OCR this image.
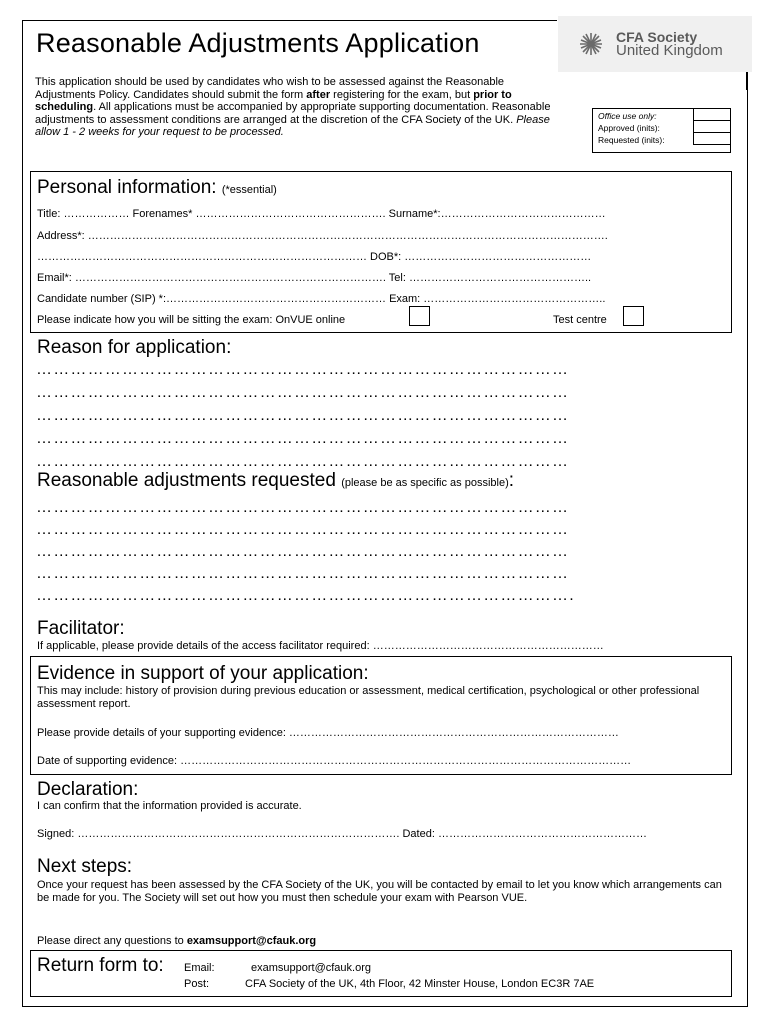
Reasonable Adjustments Application	CFA Society
United Kingdom
This application should be used by candidates who wish to be assessed against the Reasonable Adjustments Policy. Candidates should submit the form after registering for the exam, but prior to scheduling. All applications must be accompanied by appropriate supporting documentation. Reasonable adjustments to assessment conditions are arranged at the discretion of the CFA Society of the UK. Please allow 1 - 2 weeks for your request to be processed.
Office use only:
Approved (inits):
Requested (inits):
Personal information: (*essential)
Title: ……………… Forenames* ……………………………………………. Surname*:………………………………………
Address*: …………………………………………………………………………………………………………………………….
……………………………………………………………………………… DOB*: ……………………………………………
Email*: …………………………………………………………………………. Tel: …………………………………………..
Candidate number (SIP) *:…………………………………………………… Exam: …………………………………………..
Please indicate how you will be sitting the exam: OnVUE online	Test centre
Reason for application:
…………………………………………………………………………………
…………………………………………………………………………………
…………………………………………………………………………………
…………………………………………………………………………………
…………………………………………………………………………………
Reasonable adjustments requested (please be as specific as possible):
…………………………………………………………………………………
…………………………………………………………………………………
…………………………………………………………………………………
…………………………………………………………………………………
………………………………………………………………………………….
Facilitator:
If applicable, please provide details of the access facilitator required: ………………………………………………………
Evidence in support of your application:
This may include: history of provision during previous education or assessment, medical certification, psychological or other professional assessment report.
Please provide details of your supporting evidence: ………………………………………………………………………………
Date of supporting evidence: ……………………………………………………………………………………………………………
Declaration:
I can confirm that the information provided is accurate.
Signed: ……………………………………………………………………………. Dated: …………………………………………………
Next steps:
Once your request has been assessed by the CFA Society of the UK, you will be contacted by email to let you know which arrangements can be made for you. The Society will set out how you must then schedule your exam with Pearson VUE.
Please direct any questions to examsupport@cfauk.org
Return form to: Email:	examsupport@cfauk.org
Post:	CFA Society of the UK, 4th Floor, 42 Minster House, London EC3R 7AE
